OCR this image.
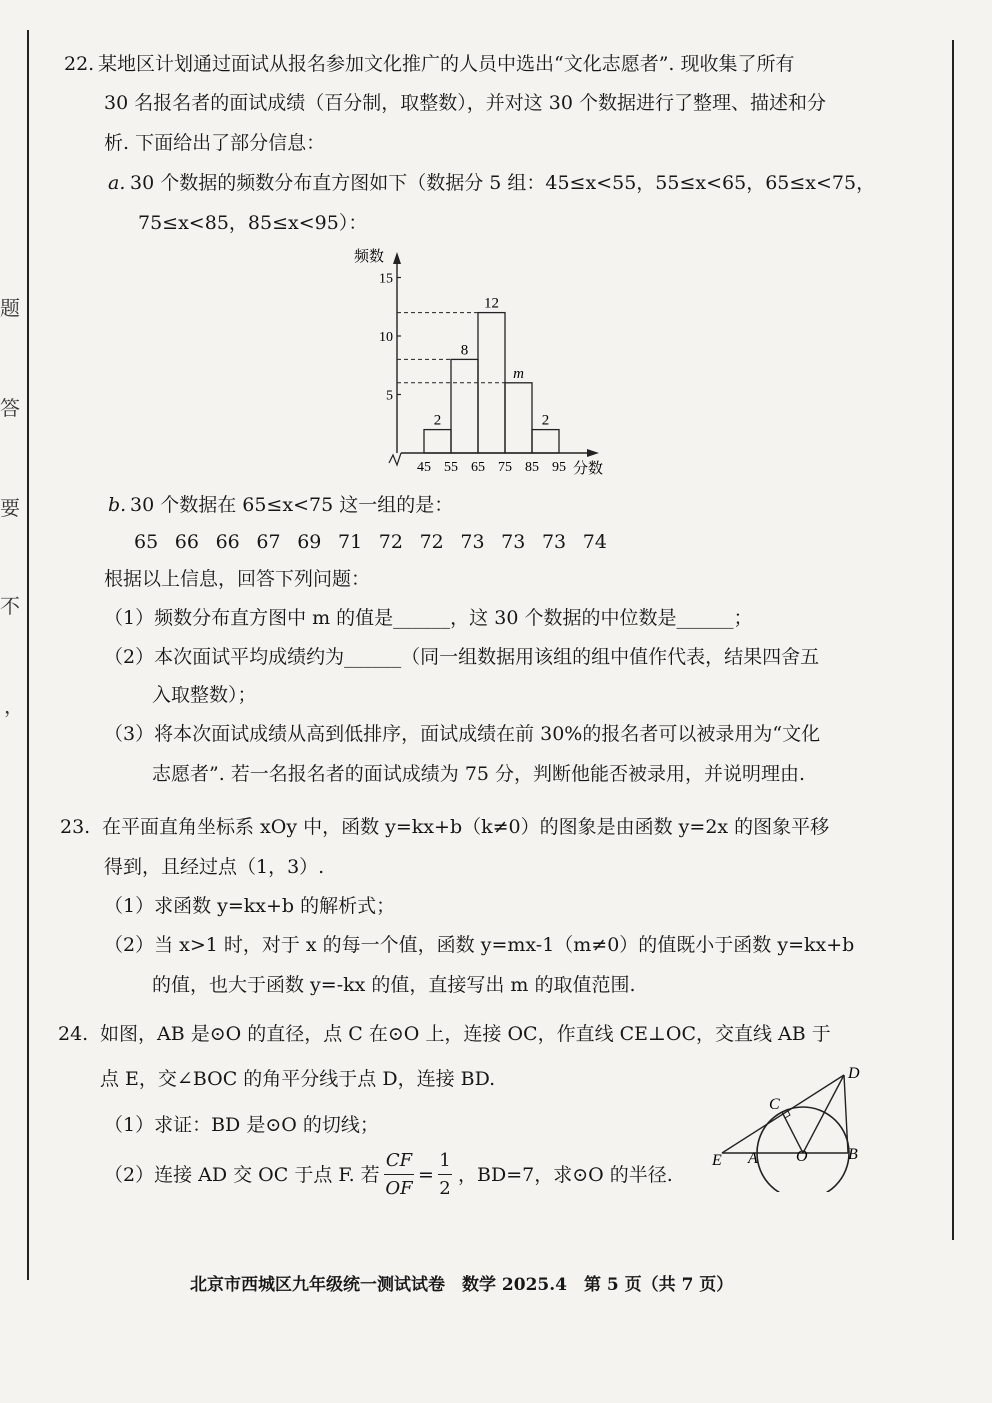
题
答
要
不
，
22. 某地区计划通过面试从报名参加文化推广的人员中选出“文化志愿者”. 现收集了所有
30 名报名者的面试成绩（百分制，取整数），并对这 30 个数据进行了整理、描述和分
析. 下面给出了部分信息：
a. 30 个数据的频数分布直方图如下（数据分 5 组：45≤x<55，55≤x<65，65≤x<75，
75≤x<85，85≤x<95）：
频数
分数
5
10
15
45 55 65 75 85 95
2
8
12
m
2
b. 30 个数据在 65≤x<75 这一组的是：
65 66 66 67 69 71 72 72 73 73 73 74
根据以上信息，回答下列问题：
（1）频数分布直方图中 m 的值是______，这 30 个数据的中位数是______；
（2）本次面试平均成绩约为______（同一组数据用该组的组中值作代表，结果四舍五
入取整数）；
（3）将本次面试成绩从高到低排序，面试成绩在前 30%的报名者可以被录用为“文化
志愿者”. 若一名报名者的面试成绩为 75 分，判断他能否被录用，并说明理由.
23. 在平面直角坐标系 xOy 中，函数 y=kx+b（k≠0）的图象是由函数 y=2x 的图象平移
得到，且经过点（1，3）.
（1）求函数 y=kx+b 的解析式；
（2）当 x>1 时，对于 x 的每一个值，函数 y=mx-1（m≠0）的值既小于函数 y=kx+b
的值，也大于函数 y=-kx 的值，直接写出 m 的取值范围.
24. 如图，AB 是⊙O 的直径，点 C 在⊙O 上，连接 OC，作直线 CE⊥OC，交直线 AB 于
点 E，交∠BOC 的角平分线于点 D，连接 BD.
（1）求证：BD 是⊙O 的切线；
（2）连接 AD 交 OC 于点 F. 若
CF
OF
=
1
2
，BD=7，求⊙O 的半径.
D
C
E A O	B
北京市西城区九年级统一测试试卷　数学 2025.4　第 5 页（共 7 页）
